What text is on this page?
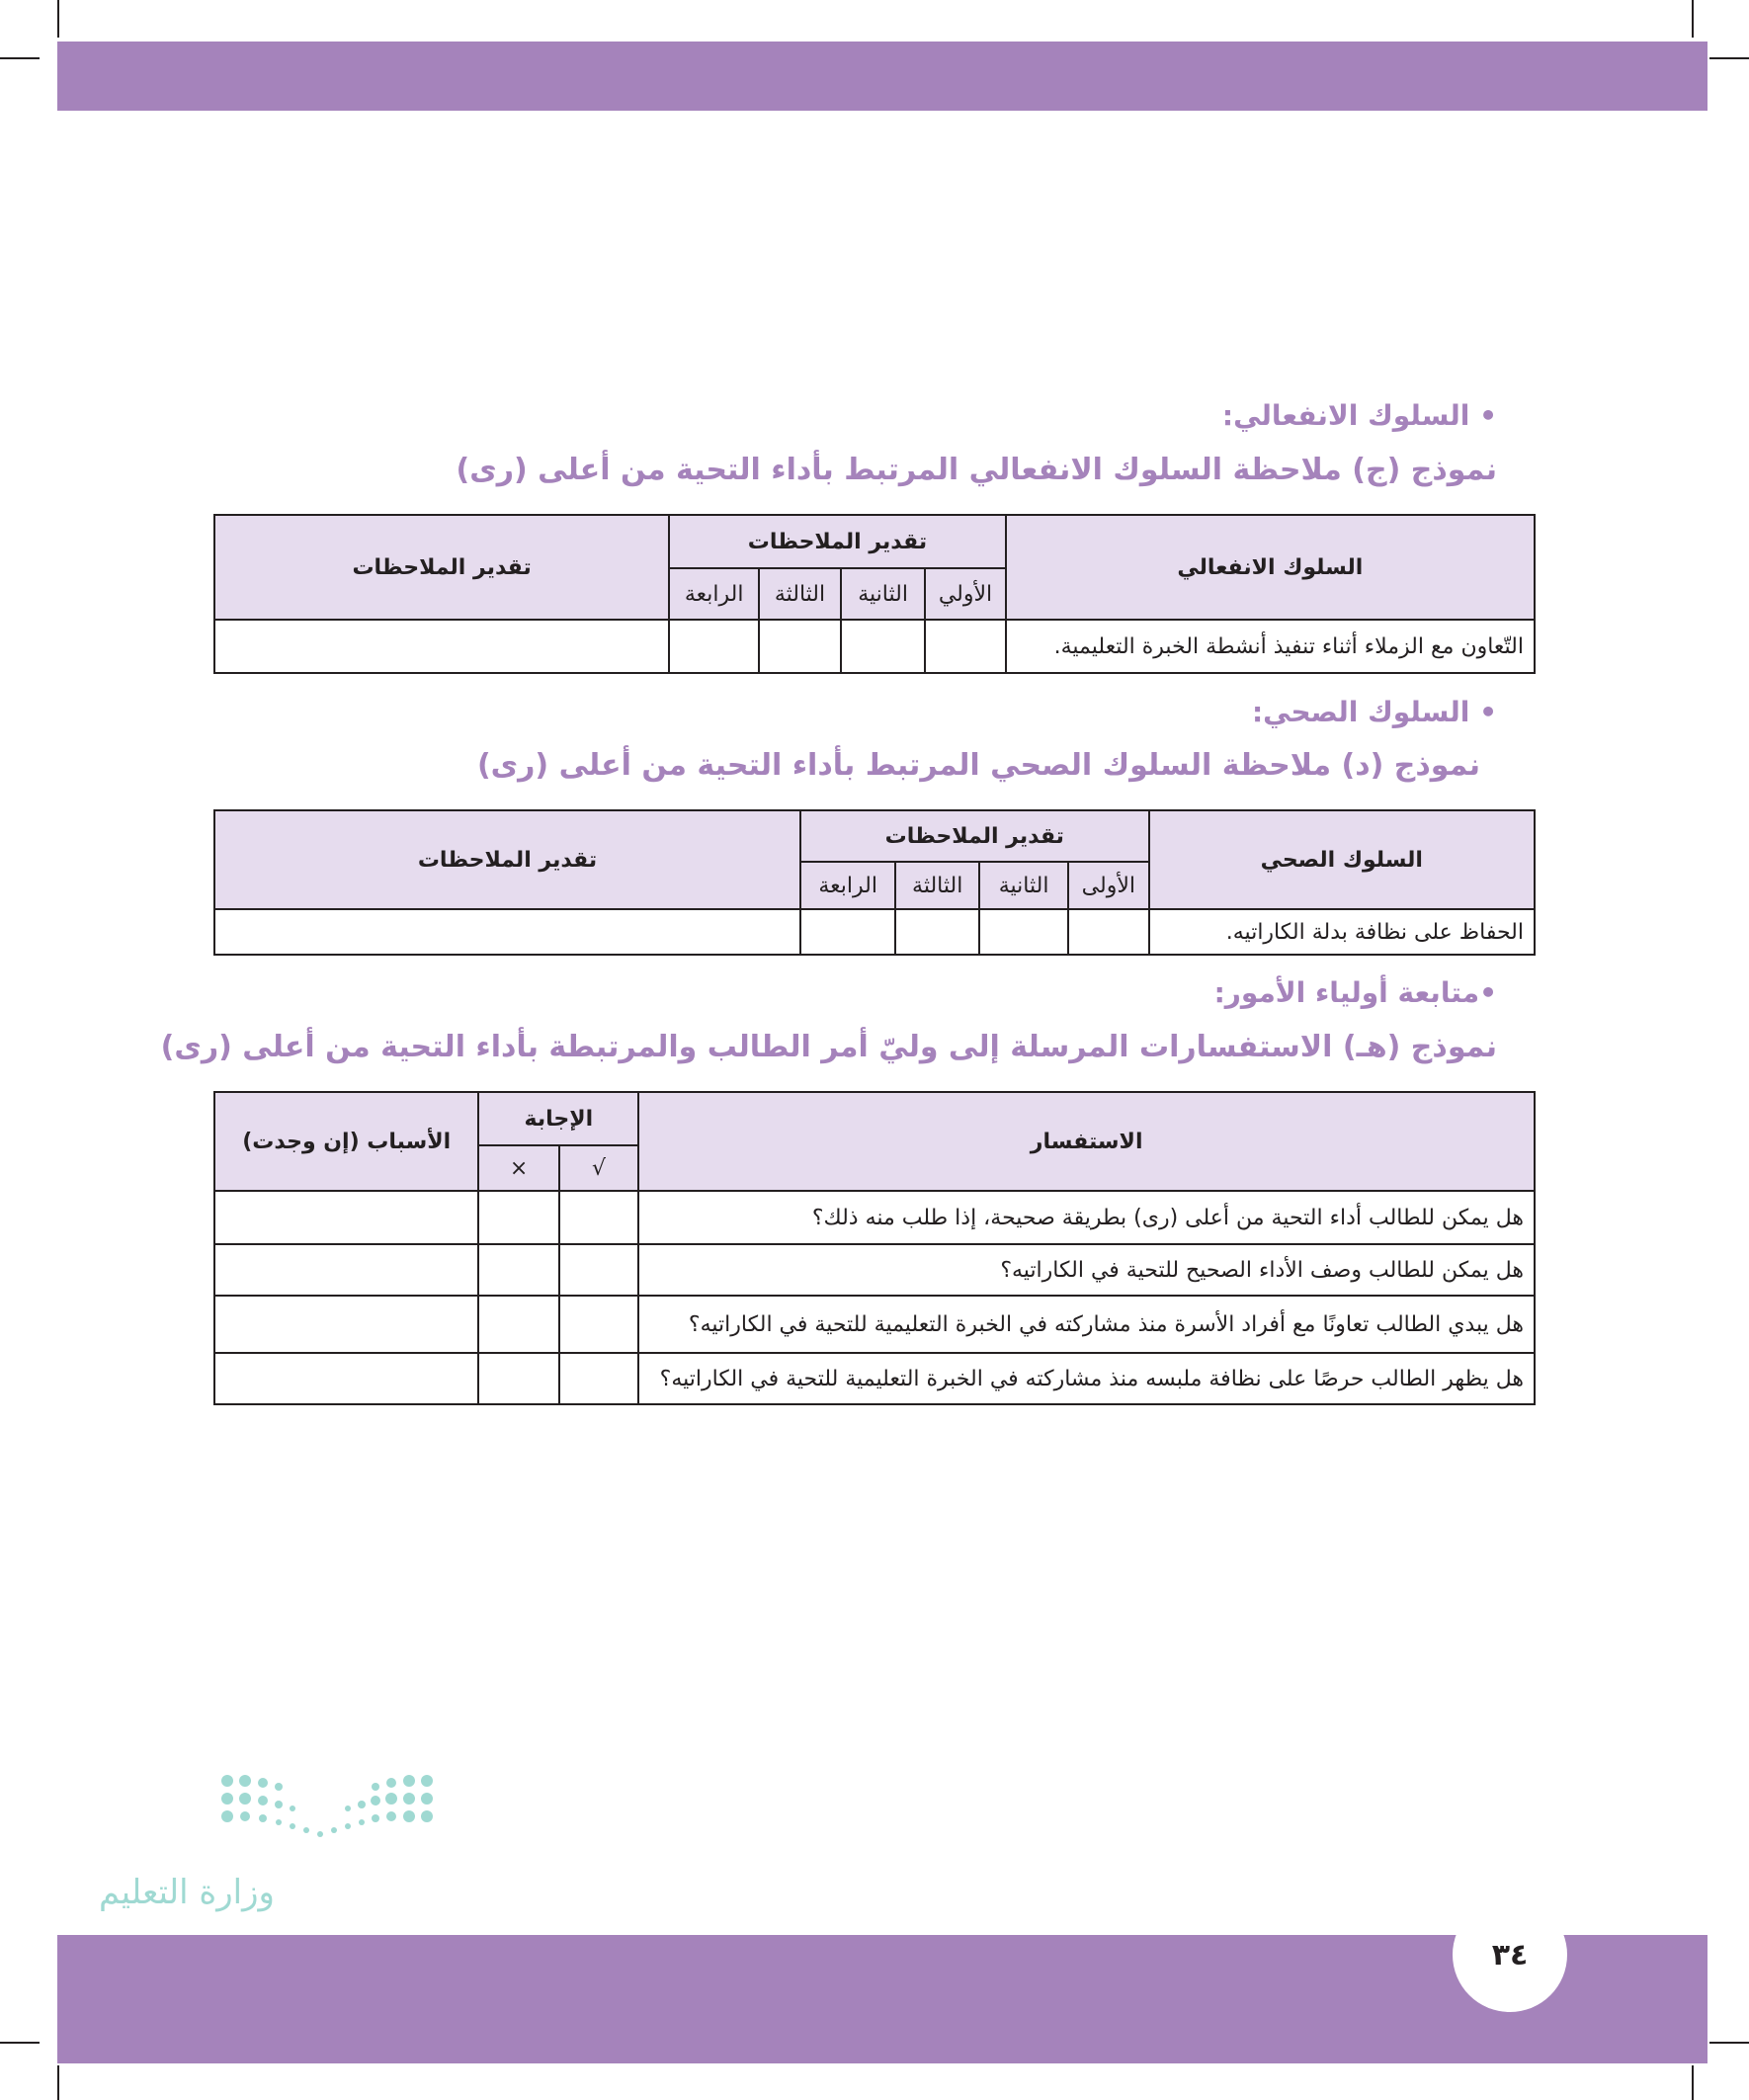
• السلوك الانفعالي:
نموذج (ج) ملاحظة السلوك الانفعالي المرتبط بأداء التحية من أعلى (رى)
السلوك الانفعالي	تقدير الملاحظات				تقدير الملاحظات
	الأولي	الثانية	الثالثة	الرابعة	
التّعاون مع الزملاء أثناء تنفيذ أنشطة الخبرة التعليمية.					
• السلوك الصحي:
نموذج (د) ملاحظة السلوك الصحي المرتبط بأداء التحية من أعلى (رى)
السلوك الصحي	تقدير الملاحظات				تقدير الملاحظات
	الأولى	الثانية	الثالثة	الرابعة	
الحفاظ على نظافة بدلة الكاراتيه.					
•متابعة أولياء الأمور:
نموذج (هـ) الاستفسارات المرسلة إلى وليّ أمر الطالب والمرتبطة بأداء التحية من أعلى (رى)
الاستفسار	الإجابة		الأسباب (إن وجدت)
	√	×	
هل يمكن للطالب أداء التحية من أعلى (رى) بطريقة صحيحة، إذا طلب منه ذلك؟			
هل يمكن للطالب وصف الأداء الصحيح للتحية في الكاراتيه؟			
هل يبدي الطالب تعاونًا مع أفراد الأسرة منذ مشاركته في الخبرة التعليمية للتحية في الكاراتيه؟			
هل يظهر الطالب حرصًا على نظافة ملبسه منذ مشاركته في الخبرة التعليمية للتحية في الكاراتيه؟			
وزارة التعليم
٣٤
